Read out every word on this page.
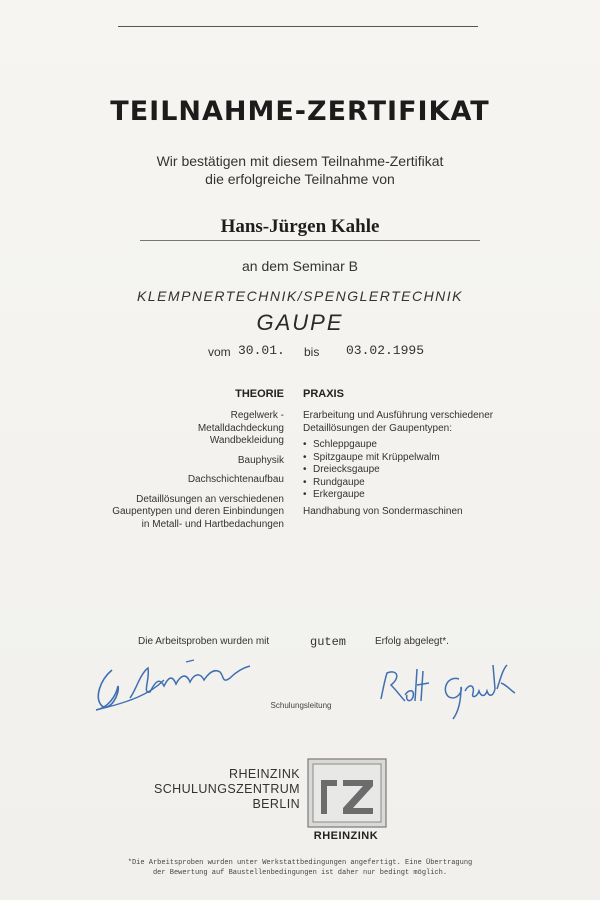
TEILNAHME-ZERTIFIKAT
Wir bestätigen mit diesem Teilnahme-Zertifikat
die erfolgreiche Teilnahme von
Hans-Jürgen Kahle
an dem Seminar B
KLEMPNERTECHNIK/SPENGLERTECHNIK
GAUPE
vom 30.01. bis 03.02.1995
THEORIE PRAXIS
Regelwerk -
Metalldachdeckung
Wandbekleidung
Bauphysik
Dachschichtenaufbau
Detaillösungen an verschiedenen
Gaupentypen und deren Einbindungen
in Metall- und Hartbedachungen
Erarbeitung und Ausführung verschiedener
Detaillösungen der Gaupentypen:
• Schleppgaupe
• Spitzgaupe mit Krüppelwalm
• Dreiecksgaupe
• Rundgaupe
• Erkergaupe
Handhabung von Sondermaschinen
Die Arbeitsproben wurden mit	gutem	Erfolg abgelegt*.
Schulungsleitung
RHEINZINK
SCHULUNGSZENTRUM
BERLIN
RHEINZINK
*Die Arbeitsproben wurden unter Werkstattbedingungen angefertigt. Eine Übertragung
der Bewertung auf Baustellenbedingungen ist daher nur bedingt möglich.
